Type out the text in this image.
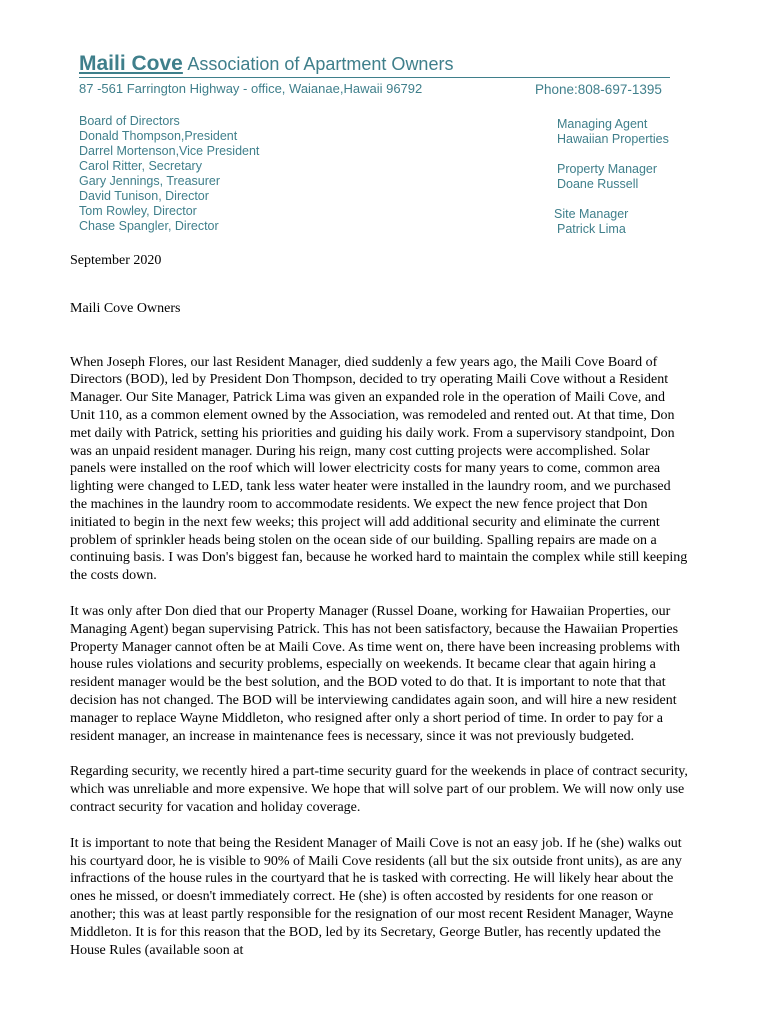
Maili Cove Association of Apartment Owners
87 -561 Farrington Highway - office, Waianae,Hawaii 96792	Phone:808-697-1395
Board of Directors
Donald Thompson,President
Darrel Mortenson,Vice President
Carol Ritter, Secretary
Gary Jennings, Treasurer
David Tunison, Director
Tom Rowley, Director
Chase Spangler, Director
Managing Agent
Hawaiian Properties
Property Manager
Doane Russell
Site Manager
Patrick Lima

September 2020

Maili Cove Owners

When Joseph Flores, our last Resident Manager, died suddenly a few years ago, the Maili Cove Board of Directors (BOD), led by President Don Thompson, decided to try operating Maili Cove without a Resident Manager. Our Site Manager, Patrick Lima was given an expanded role in the operation of Maili Cove, and Unit 110, as a common element owned by the Association, was remodeled and rented out. At that time, Don met daily with Patrick, setting his priorities and guiding his daily work. From a supervisory standpoint, Don was an unpaid resident manager. During his reign, many cost cutting projects were accomplished. Solar panels were installed on the roof which will lower electricity costs for many years to come, common area lighting were changed to LED, tank less water heater were installed in the laundry room, and we purchased the machines in the laundry room to accommodate residents. We expect the new fence project that Don initiated to begin in the next few weeks; this project will add additional security and eliminate the current problem of sprinkler heads being stolen on the ocean side of our building. Spalling repairs are made on a continuing basis. I was Don's biggest fan, because he worked hard to maintain the complex while still keeping the costs down.

It was only after Don died that our Property Manager (Russel Doane, working for Hawaiian Properties, our Managing Agent) began supervising Patrick. This has not been satisfactory, because the Hawaiian Properties Property Manager cannot often be at Maili Cove. As time went on, there have been increasing problems with house rules violations and security problems, especially on weekends. It became clear that again hiring a resident manager would be the best solution, and the BOD voted to do that. It is important to note that that decision has not changed. The BOD will be interviewing candidates again soon, and will hire a new resident manager to replace Wayne Middleton, who resigned after only a short period of time. In order to pay for a resident manager, an increase in maintenance fees is necessary, since it was not previously budgeted.

Regarding security, we recently hired a part-time security guard for the weekends in place of contract security, which was unreliable and more expensive. We hope that will solve part of our problem. We will now only use contract security for vacation and holiday coverage.

It is important to note that being the Resident Manager of Maili Cove is not an easy job. If he (she) walks out his courtyard door, he is visible to 90% of Maili Cove residents (all but the six outside front units), as are any infractions of the house rules in the courtyard that he is tasked with correcting. He will likely hear about the ones he missed, or doesn't immediately correct. He (she) is often accosted by residents for one reason or another; this was at least partly responsible for the resignation of our most recent Resident Manager, Wayne Middleton. It is for this reason that the BOD, led by its Secretary, George Butler, has recently updated the House Rules (available soon at
